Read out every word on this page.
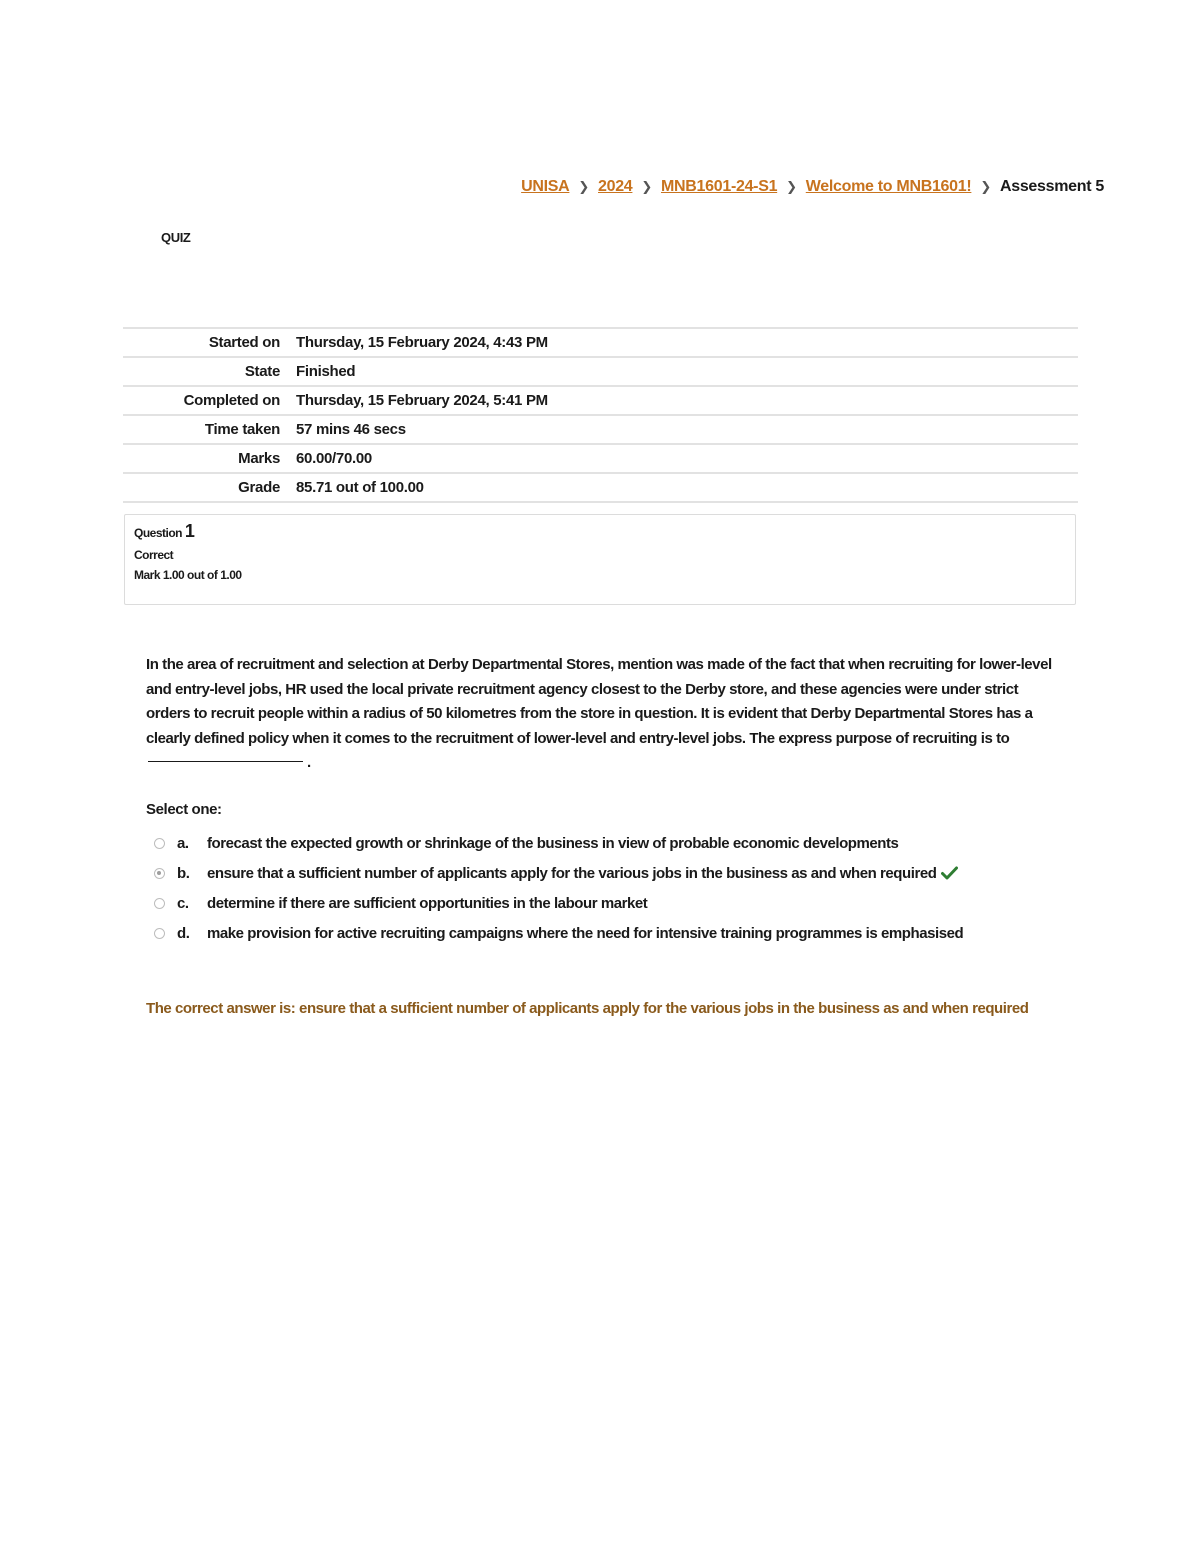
UNISA ❯ 2024 ❯ MNB1601-24-S1 ❯ Welcome to MNB1601! ❯ Assessment 5
QUIZ
Started on	Thursday, 15 February 2024, 4:43 PM
State	Finished
Completed on	Thursday, 15 February 2024, 5:41 PM
Time taken	57 mins 46 secs
Marks	60.00/70.00
Grade	85.71 out of 100.00
Question 1
Correct
Mark 1.00 out of 1.00
In the area of recruitment and selection at Derby Departmental Stores, mention was made of the fact that when recruiting for lower-level and entry-level jobs, HR used the local private recruitment agency closest to the Derby store, and these agencies were under strict orders to recruit people within a radius of 50 kilometres from the store in question. It is evident that Derby Departmental Stores has a clearly defined policy when it comes to the recruitment of lower-level and entry-level jobs. The express purpose of recruiting is to.
Select one:
a.	forecast the expected growth or shrinkage of the business in view of probable economic developments
b.	ensure that a sufficient number of applicants apply for the various jobs in the business as and when required
c.	determine if there are sufficient opportunities in the labour market
d.	make provision for active recruiting campaigns where the need for intensive training programmes is emphasised
The correct answer is: ensure that a sufficient number of applicants apply for the various jobs in the business as and when required
